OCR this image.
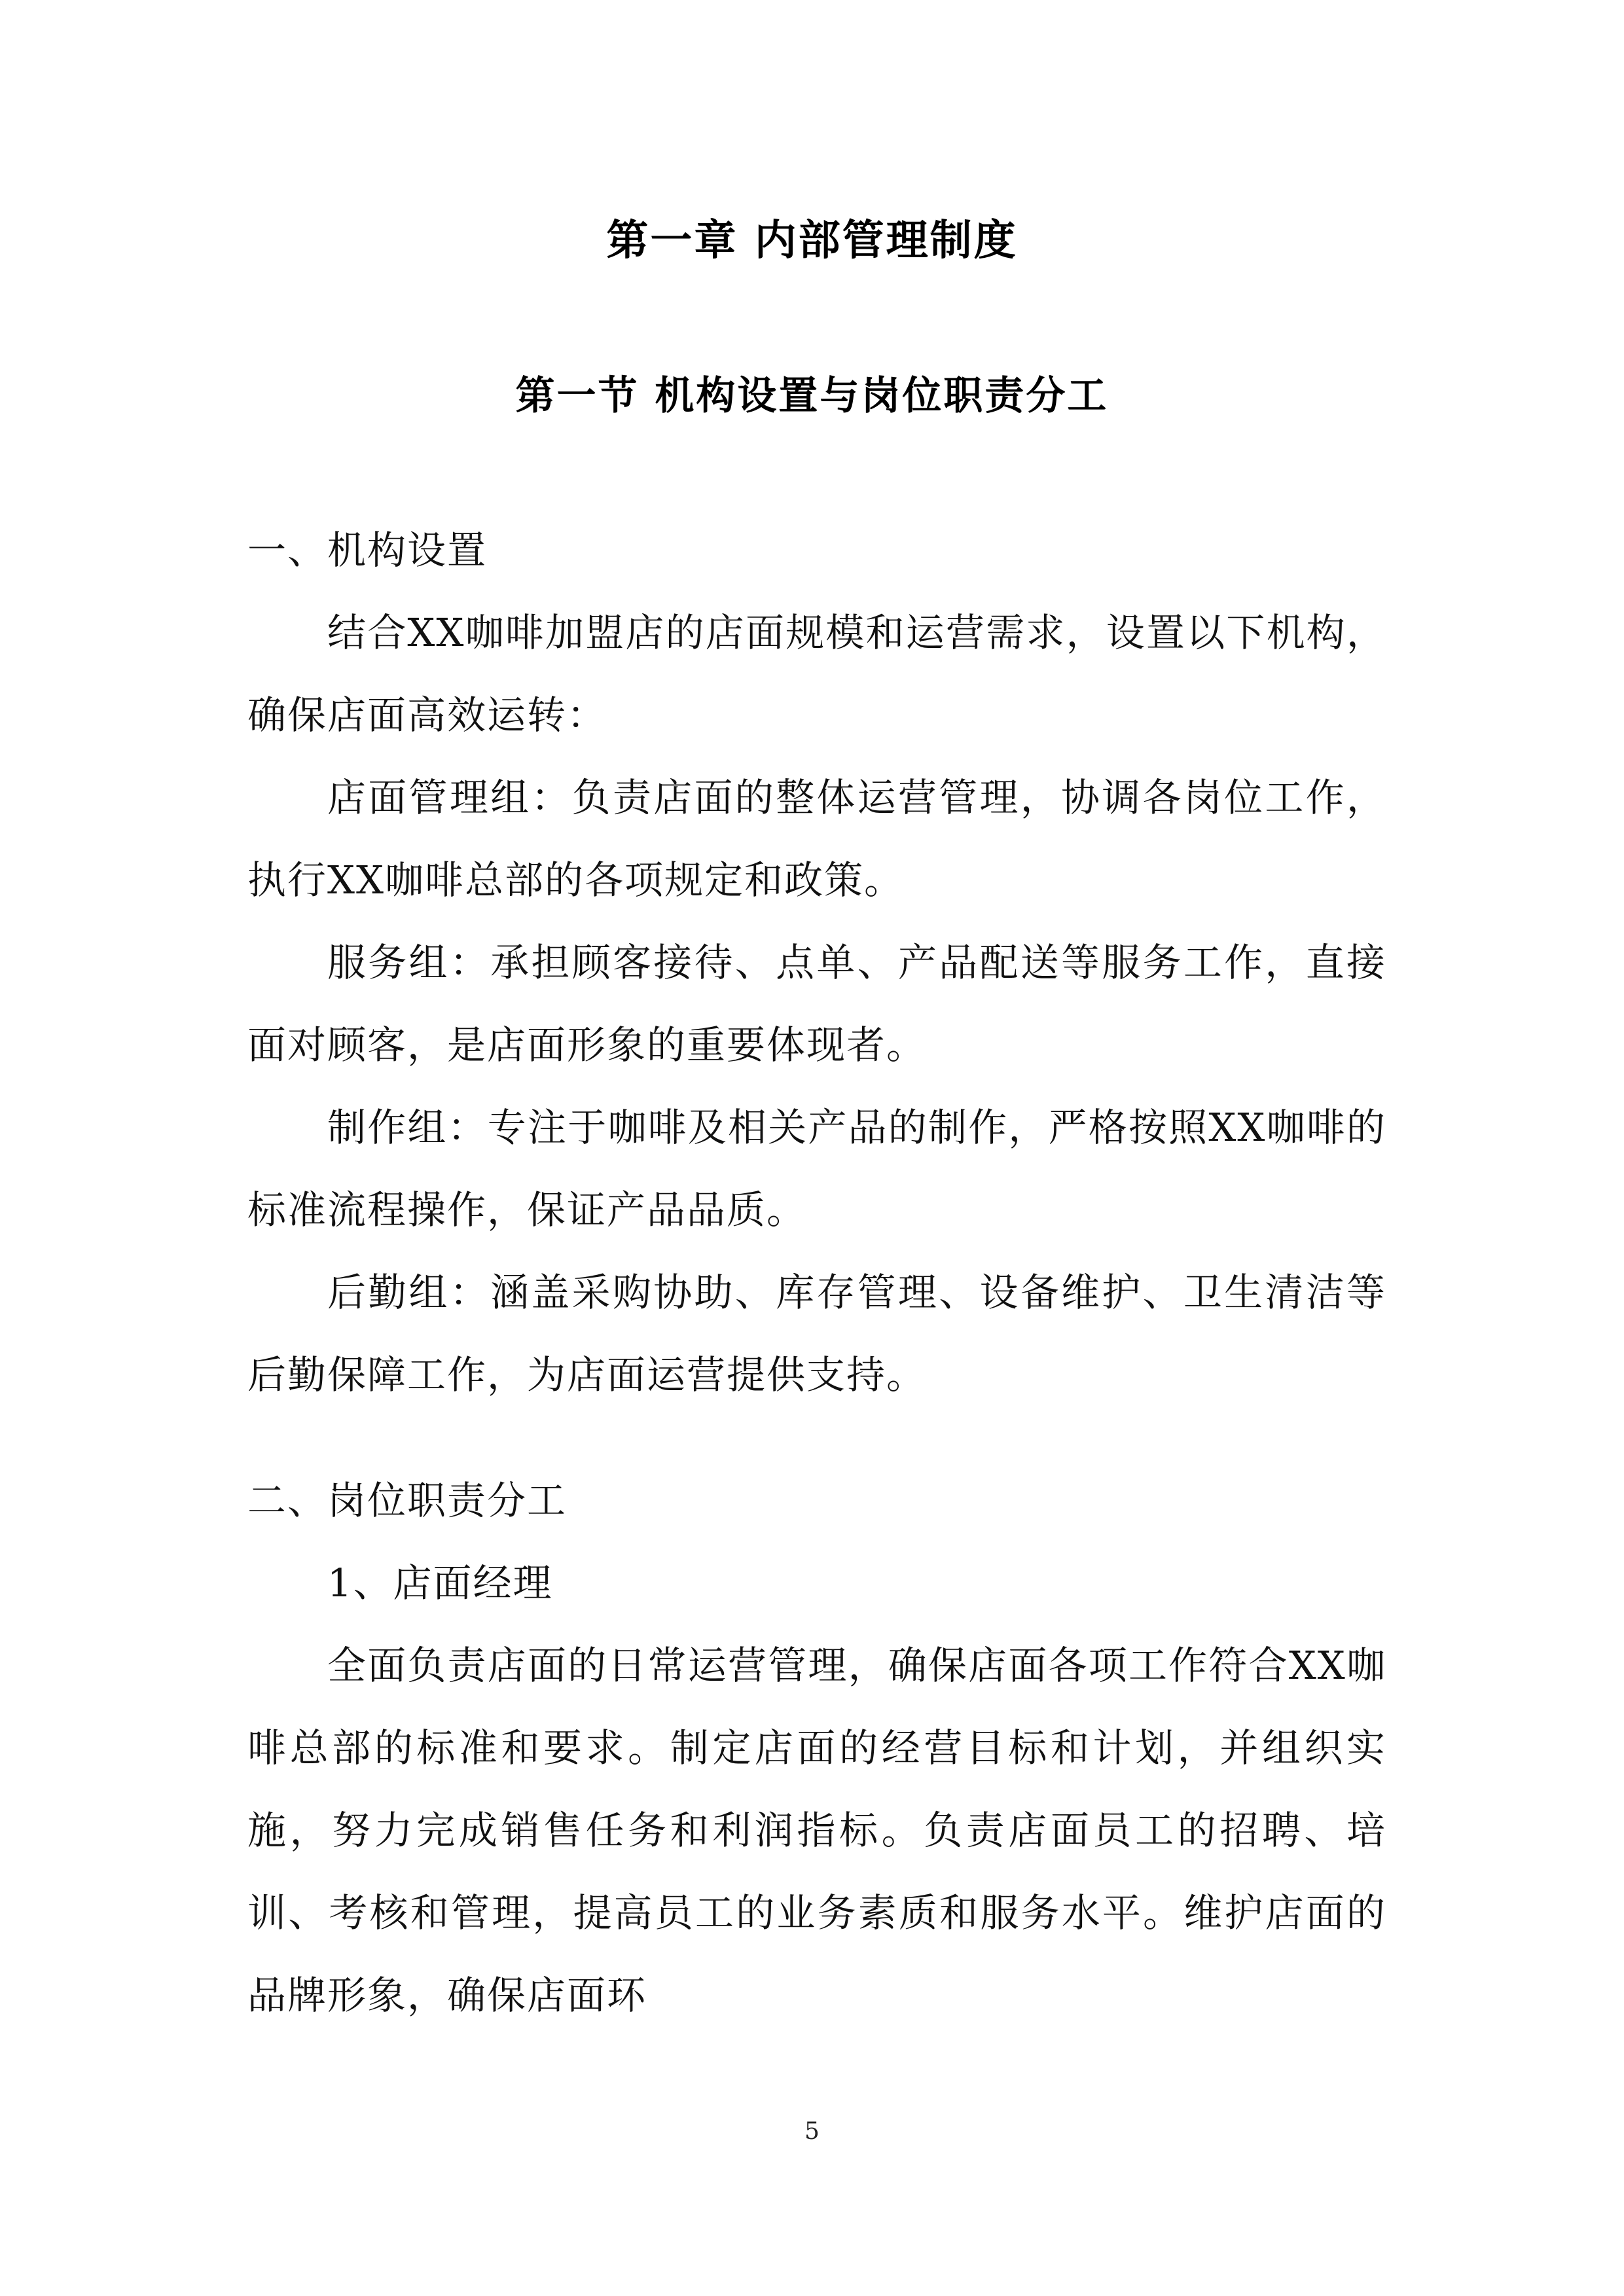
第一章 内部管理制度
第一节 机构设置与岗位职责分工

一、机构设置

结合XX咖啡加盟店的店面规模和运营需求，设置以下机构，确保店面高效运转：

店面管理组：负责店面的整体运营管理，协调各岗位工作，执行XX咖啡总部的各项规定和政策。

服务组：承担顾客接待、点单、产品配送等服务工作，直接面对顾客，是店面形象的重要体现者。

制作组：专注于咖啡及相关产品的制作，严格按照XX咖啡的标准流程操作，保证产品品质。

后勤组：涵盖采购协助、库存管理、设备维护、卫生清洁等后勤保障工作，为店面运营提供支持。

二、岗位职责分工

1、店面经理

全面负责店面的日常运营管理，确保店面各项工作符合XX咖啡总部的标准和要求。制定店面的经营目标和计划，并组织实施，努力完成销售任务和利润指标。负责店面员工的招聘、培训、考核和管理，提高员工的业务素质和服务水平。维护店面的品牌形象，确保店面环

5
